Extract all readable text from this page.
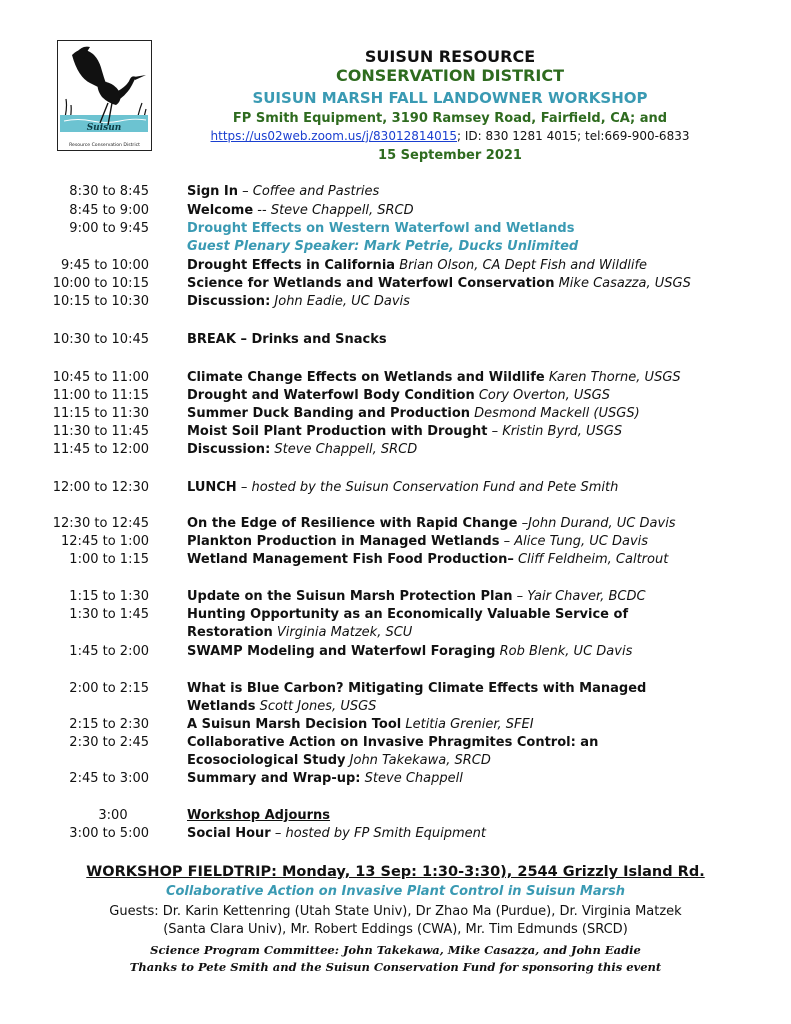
Suisun
Resource Conservation District
SUISUN RESOURCE
CONSERVATION DISTRICT
SUISUN MARSH FALL LANDOWNER WORKSHOP
FP Smith Equipment, 3190 Ramsey Road, Fairfield, CA; and
https://us02web.zoom.us/j/83012814015; ID: 830 1281 4015; tel:669-900-6833
15 September 2021
8:30 to 8:45	Sign In – Coffee and Pastries
8:45 to 9:00	Welcome -- Steve Chappell, SRCD
9:00 to 9:45	Drought Effects on Western Waterfowl and Wetlands
Guest Plenary Speaker: Mark Petrie, Ducks Unlimited
9:45 to 10:00	Drought Effects in California Brian Olson, CA Dept Fish and Wildlife
10:00 to 10:15	Science for Wetlands and Waterfowl Conservation Mike Casazza, USGS
10:15 to 10:30	Discussion: John Eadie, UC Davis
10:30 to 10:45	BREAK – Drinks and Snacks
10:45 to 11:00	Climate Change Effects on Wetlands and Wildlife Karen Thorne, USGS
11:00 to 11:15	Drought and Waterfowl Body Condition Cory Overton, USGS
11:15 to 11:30	Summer Duck Banding and Production Desmond Mackell (USGS)
11:30 to 11:45	Moist Soil Plant Production with Drought – Kristin Byrd, USGS
11:45 to 12:00	Discussion: Steve Chappell, SRCD
12:00 to 12:30	LUNCH – hosted by the Suisun Conservation Fund and Pete Smith
12:30 to 12:45	On the Edge of Resilience with Rapid Change –John Durand, UC Davis
12:45 to 1:00	Plankton Production in Managed Wetlands – Alice Tung, UC Davis
1:00 to 1:15	Wetland Management Fish Food Production– Cliff Feldheim, Caltrout
1:15 to 1:30	Update on the Suisun Marsh Protection Plan – Yair Chaver, BCDC
1:30 to 1:45	Hunting Opportunity as an Economically Valuable Service of
Restoration Virginia Matzek, SCU
1:45 to 2:00	SWAMP Modeling and Waterfowl Foraging Rob Blenk, UC Davis
2:00 to 2:15	What is Blue Carbon? Mitigating Climate Effects with Managed
Wetlands Scott Jones, USGS
2:15 to 2:30	A Suisun Marsh Decision Tool Letitia Grenier, SFEI
2:30 to 2:45	Collaborative Action on Invasive Phragmites Control: an
Ecosociological Study John Takekawa, SRCD
2:45 to 3:00	Summary and Wrap-up: Steve Chappell
3:00	Workshop Adjourns
3:00 to 5:00	Social Hour – hosted by FP Smith Equipment
WORKSHOP FIELDTRIP: Monday, 13 Sep: 1:30-3:30), 2544 Grizzly Island Rd.
Collaborative Action on Invasive Plant Control in Suisun Marsh
Guests: Dr. Karin Kettenring (Utah State Univ), Dr Zhao Ma (Purdue), Dr. Virginia Matzek
(Santa Clara Univ), Mr. Robert Eddings (CWA), Mr. Tim Edmunds (SRCD)
Science Program Committee: John Takekawa, Mike Casazza, and John Eadie
Thanks to Pete Smith and the Suisun Conservation Fund for sponsoring this event
